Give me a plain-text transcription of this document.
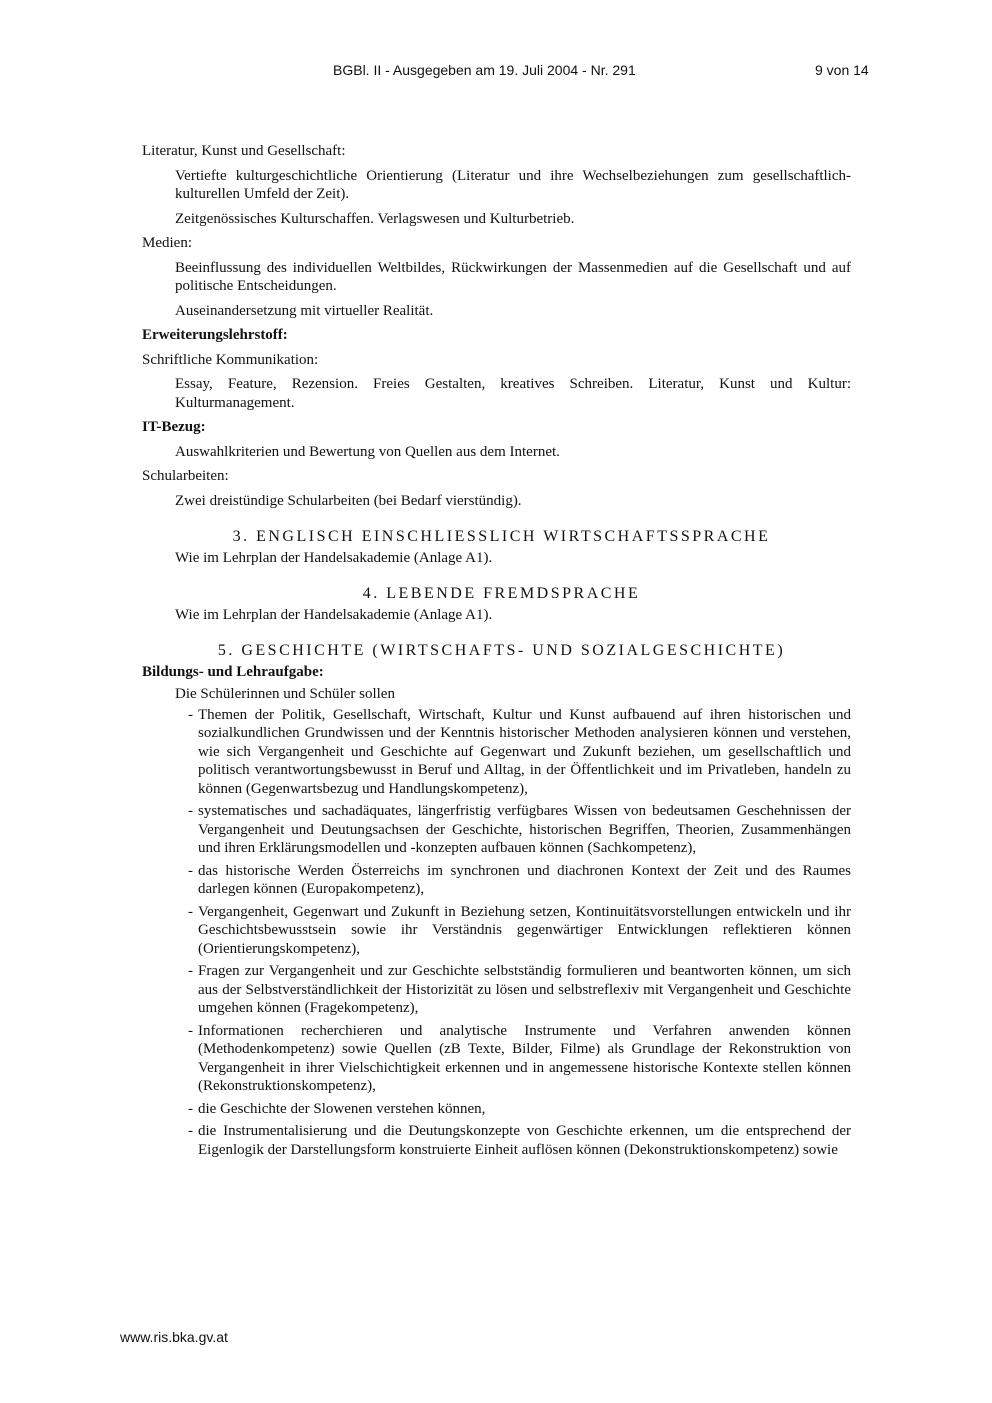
BGBl. II - Ausgegeben am 19. Juli 2004 - Nr. 291	9 von 14

Literatur, Kunst und Gesellschaft:

Vertiefte kulturgeschichtliche Orientierung (Literatur und ihre Wechselbeziehungen zum gesellschaftlich-kulturellen Umfeld der Zeit).

Zeitgenössisches Kulturschaffen. Verlagswesen und Kulturbetrieb.

Medien:

Beeinflussung des individuellen Weltbildes, Rückwirkungen der Massenmedien auf die Gesellschaft und auf politische Entscheidungen.

Auseinandersetzung mit virtueller Realität.

Erweiterungslehrstoff:

Schriftliche Kommunikation:

Essay, Feature, Rezension. Freies Gestalten, kreatives Schreiben. Literatur, Kunst und Kultur: Kulturmanagement.

IT-Bezug:

Auswahlkriterien und Bewertung von Quellen aus dem Internet.

Schularbeiten:

Zwei dreistündige Schularbeiten (bei Bedarf vierstündig).

3. ENGLISCH EINSCHLIESSLICH WIRTSCHAFTSSPRACHE

Wie im Lehrplan der Handelsakademie (Anlage A1).

4. LEBENDE FREMDSPRACHE

Wie im Lehrplan der Handelsakademie (Anlage A1).

5. GESCHICHTE (WIRTSCHAFTS- UND SOZIALGESCHICHTE)

Bildungs- und Lehraufgabe:

Die Schülerinnen und Schüler sollen

- Themen der Politik, Gesellschaft, Wirtschaft, Kultur und Kunst aufbauend auf ihren historischen und sozialkundlichen Grundwissen und der Kenntnis historischer Methoden analysieren können und verstehen, wie sich Vergangenheit und Geschichte auf Gegenwart und Zukunft beziehen, um gesellschaftlich und politisch verantwortungsbewusst in Beruf und Alltag, in der Öffentlichkeit und im Privatleben, handeln zu können (Gegenwartsbezug und Handlungskompetenz),
- systematisches und sachadäquates, längerfristig verfügbares Wissen von bedeutsamen Geschehnissen der Vergangenheit und Deutungsachsen der Geschichte, historischen Begriffen, Theorien, Zusammenhängen und ihren Erklärungsmodellen und -konzepten aufbauen können (Sachkompetenz),
- das historische Werden Österreichs im synchronen und diachronen Kontext der Zeit und des Raumes darlegen können (Europakompetenz),
- Vergangenheit, Gegenwart und Zukunft in Beziehung setzen, Kontinuitätsvorstellungen entwickeln und ihr Geschichtsbewusstsein sowie ihr Verständnis gegenwärtiger Entwicklungen reflektieren können (Orientierungskompetenz),
- Fragen zur Vergangenheit und zur Geschichte selbstständig formulieren und beantworten können, um sich aus der Selbstverständlichkeit der Historizität zu lösen und selbstreflexiv mit Vergangenheit und Geschichte umgehen können (Fragekompetenz),
- Informationen recherchieren und analytische Instrumente und Verfahren anwenden können (Methodenkompetenz) sowie Quellen (zB Texte, Bilder, Filme) als Grundlage der Rekonstruktion von Vergangenheit in ihrer Vielschichtigkeit erkennen und in angemessene historische Kontexte stellen können (Rekonstruktionskompetenz),
- die Geschichte der Slowenen verstehen können,
- die Instrumentalisierung und die Deutungskonzepte von Geschichte erkennen, um die entsprechend der Eigenlogik der Darstellungsform konstruierte Einheit auflösen können (Dekonstruktionskompetenz) sowie
www.ris.bka.gv.at
